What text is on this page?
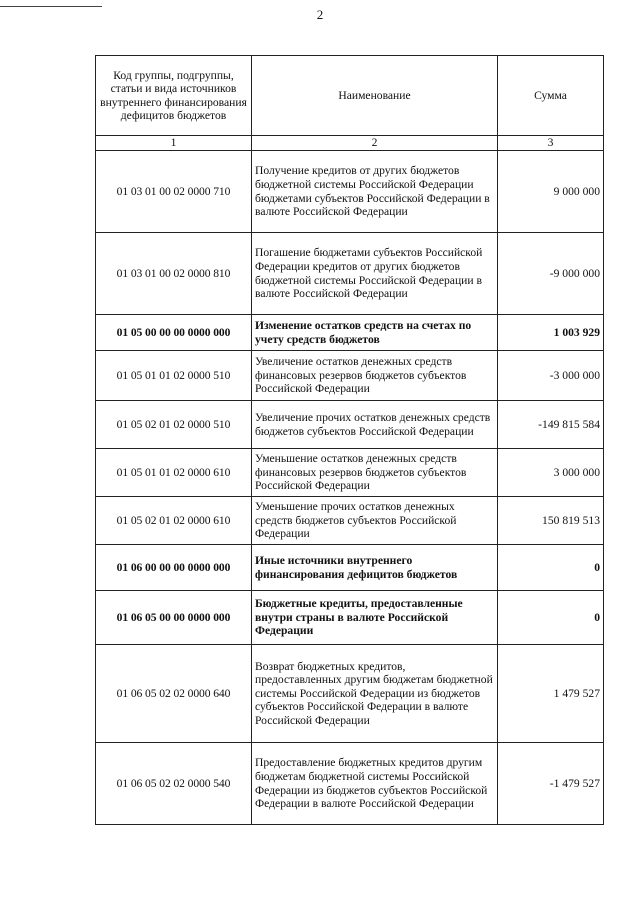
2
Код группы, подгруппы, статьи и вида источников внутреннего финансирования дефицитов бюджетов	Наименование	Сумма
1	2	3
01 03 01 00 02 0000 710	Получение кредитов от других бюджетов бюджетной системы Российской Федерации бюджетами субъектов Российской Федерации в валюте Российской Федерации	9 000 000
01 03 01 00 02 0000 810	Погашение бюджетами субъектов Российской Федерации кредитов от других бюджетов бюджетной системы Российской Федерации в валюте Российской Федерации	-9 000 000
01 05 00 00 00 0000 000	Изменение остатков средств на счетах по учету средств бюджетов	1 003 929
01 05 01 01 02 0000 510	Увеличение остатков денежных средств финансовых резервов бюджетов субъектов Российской Федерации	-3 000 000
01 05 02 01 02 0000 510	Увеличение прочих остатков денежных средств бюджетов субъектов Российской Федерации	-149 815 584
01 05 01 01 02 0000 610	Уменьшение остатков денежных средств финансовых резервов бюджетов субъектов Российской Федерации	3 000 000
01 05 02 01 02 0000 610	Уменьшение прочих остатков денежных средств бюджетов субъектов Российской Федерации	150 819 513
01 06 00 00 00 0000 000	Иные источники внутреннего финансирования дефицитов бюджетов	0
01 06 05 00 00 0000 000	Бюджетные кредиты, предоставленные внутри страны в валюте Российской Федерации	0
01 06 05 02 02 0000 640	Возврат бюджетных кредитов, предоставленных другим бюджетам бюджетной системы Российской Федерации из бюджетов субъектов Российской Федерации в валюте Российской Федерации	1 479 527
01 06 05 02 02 0000 540	Предоставление бюджетных кредитов другим бюджетам бюджетной системы Российской Федерации из бюджетов субъектов Российской Федерации в валюте Российской Федерации	-1 479 527
